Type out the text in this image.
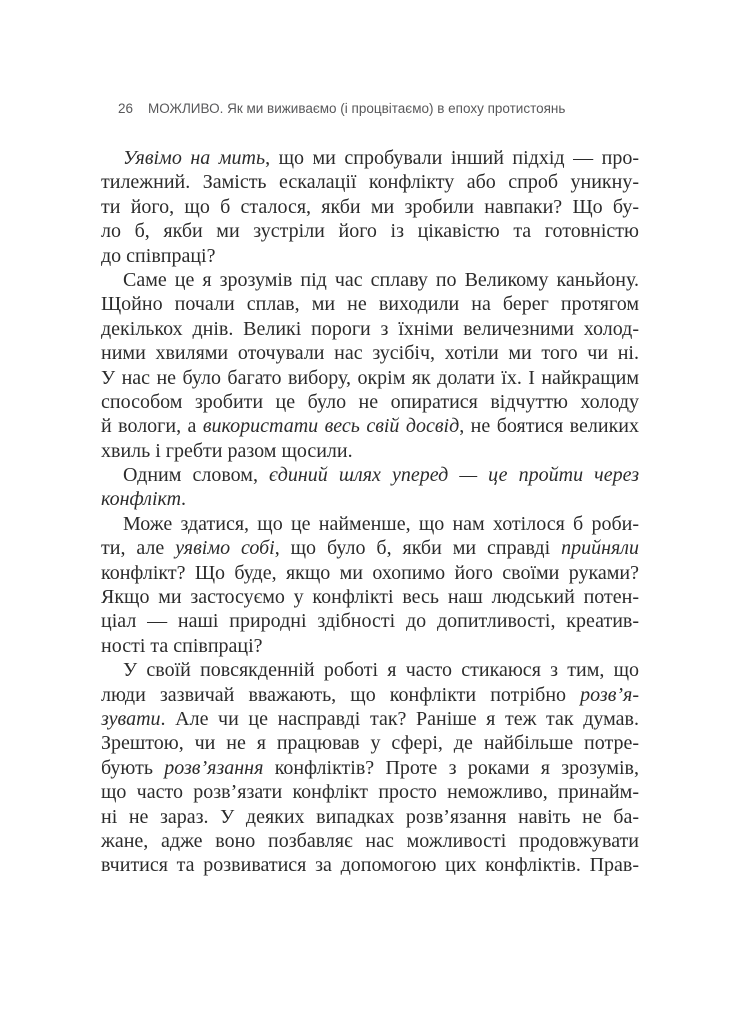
26 МОЖЛИВО. Як ми виживаємо (і процвітаємо) в епоху протистоянь
Уявімо на мить, що ми спробували інший підхід — про-
тилежний. Замість ескалації конфлікту або спроб уникну-
ти його, що б сталося, якби ми зробили навпаки? Що бу-
ло б, якби ми зустріли його із цікавістю та готовністю
до співпраці?
Саме це я зрозумів під час сплаву по Великому каньйону.
Щойно почали сплав, ми не виходили на берег протягом
декількох днів. Великі пороги з їхніми величезними холод-
ними хвилями оточували нас зусібіч, хотіли ми того чи ні.
У нас не було багато вибору, окрім як долати їх. І найкращим
способом зробити це було не опиратися відчуттю холоду
й вологи, а використати весь свій досвід, не боятися великих
хвиль і гребти разом щосили.
Одним словом, єдиний шлях уперед — це пройти через
конфлікт.
Може здатися, що це найменше, що нам хотілося б роби-
ти, але уявімо собі, що було б, якби ми справді прийняли
конфлікт? Що буде, якщо ми охопимо його своїми руками?
Якщо ми застосуємо у конфлікті весь наш людський потен-
ціал — наші природні здібності до допитливості, креатив-
ності та співпраці?
У своїй повсякденній роботі я часто стикаюся з тим, що
люди зазвичай вважають, що конфлікти потрібно розв’я-
зувати. Але чи це насправді так? Раніше я теж так думав.
Зрештою, чи не я працював у сфері, де найбільше потре-
бують розв’язання конфліктів? Проте з роками я зрозумів,
що часто розв’язати конфлікт просто неможливо, принайм-
ні не зараз. У деяких випадках розв’язання навіть не ба-
жане, адже воно позбавляє нас можливості продовжувати
вчитися та розвиватися за допомогою цих конфліктів. Прав-
